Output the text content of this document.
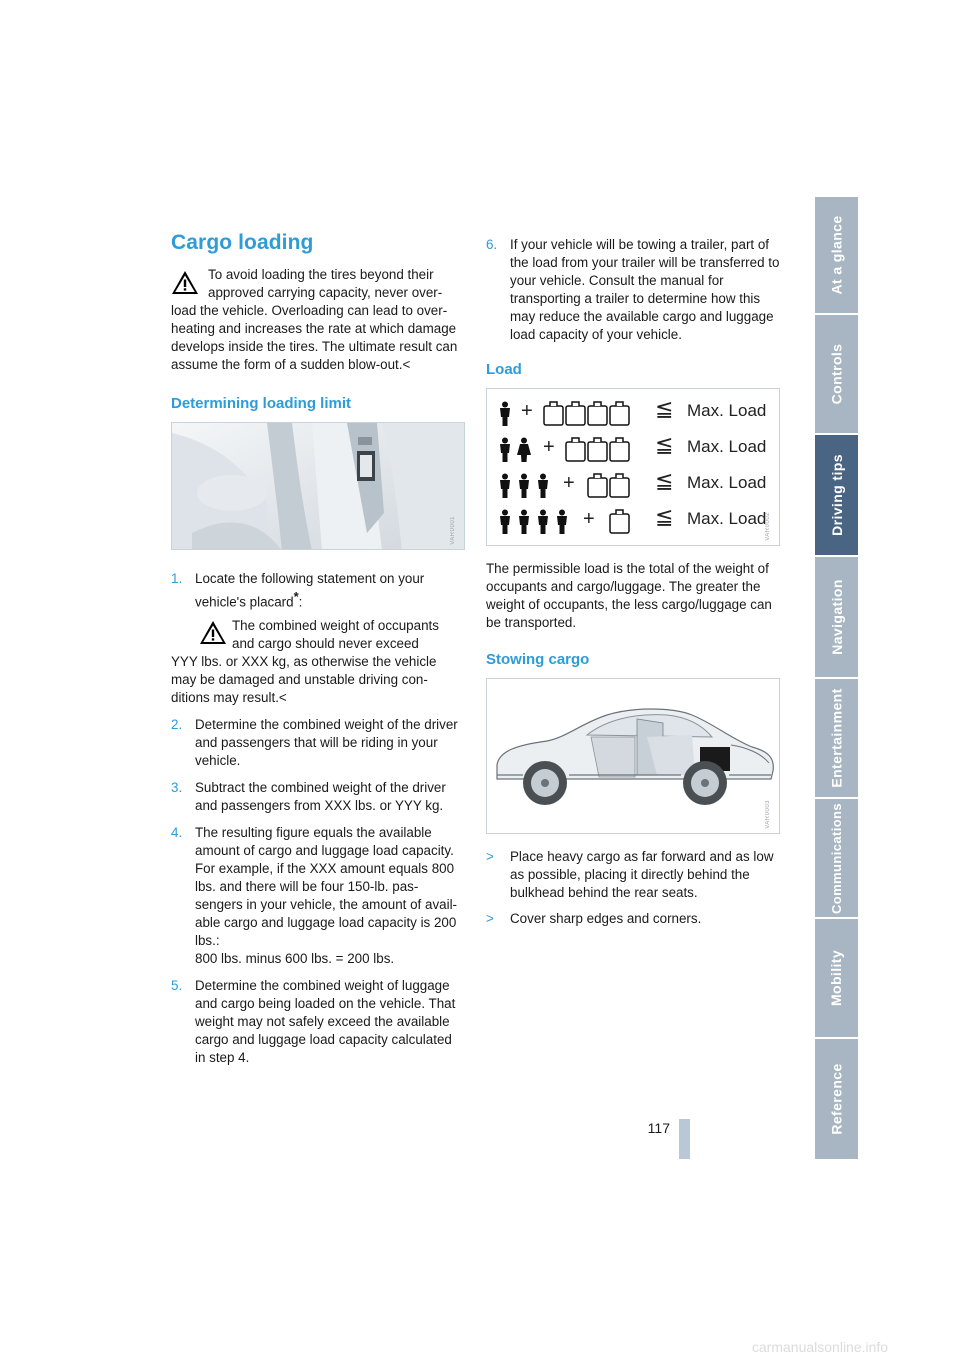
Cargo loading
To avoid loading the tires beyond their
approved carrying capacity, never over-

load the vehicle. Overloading can lead to over-heating and increases the rate at which damage develops inside the tires. The ultimate result can assume the form of a sudden blow-out.<

Determining loading limit
VAR0001
1. Locate the following statement on your vehicle's placard*:
The combined weight of occupants
and cargo should never exceed

YYY lbs. or XXX kg, as otherwise the vehicle may be damaged and unstable driving con-ditions may result.<

2. Determine the combined weight of the driver and passengers that will be riding in your vehicle.
3. Subtract the combined weight of the driver and passengers from XXX lbs. or YYY kg.
4. The resulting figure equals the available amount of cargo and luggage load capacity. For example, if the XXX amount equals 800 lbs. and there will be four 150-lb. pas-sengers in your vehicle, the amount of avail-able cargo and luggage load capacity is 200 lbs.:
800 lbs. minus 600 lbs. = 200 lbs.
5. Determine the combined weight of luggage and cargo being loaded on the vehicle. That weight may not safely exceed the available cargo and luggage load capacity calculated in step 4.
6. If your vehicle will be towing a trailer, part of the load from your trailer will be transferred to your vehicle. Consult the manual for transporting a trailer to determine how this may reduce the available cargo and luggage load capacity of your vehicle.
Load
+	≦ Max. Load
+	≦ Max. Load
+	≦ Max. Load
+	≦ Max. Load
VAR0002

The permissible load is the total of the weight of occupants and cargo/luggage. The greater the weight of occupants, the less cargo/luggage can be transported.

Stowing cargo
VAR0003
> Place heavy cargo as far forward and as low as possible, placing it directly behind the bulkhead behind the rear seats.
> Cover sharp edges and corners.
At a glance
Controls
Driving tips
Navigation
Entertainment
Communications
Mobility
Reference
117
carmanualsonline.info
